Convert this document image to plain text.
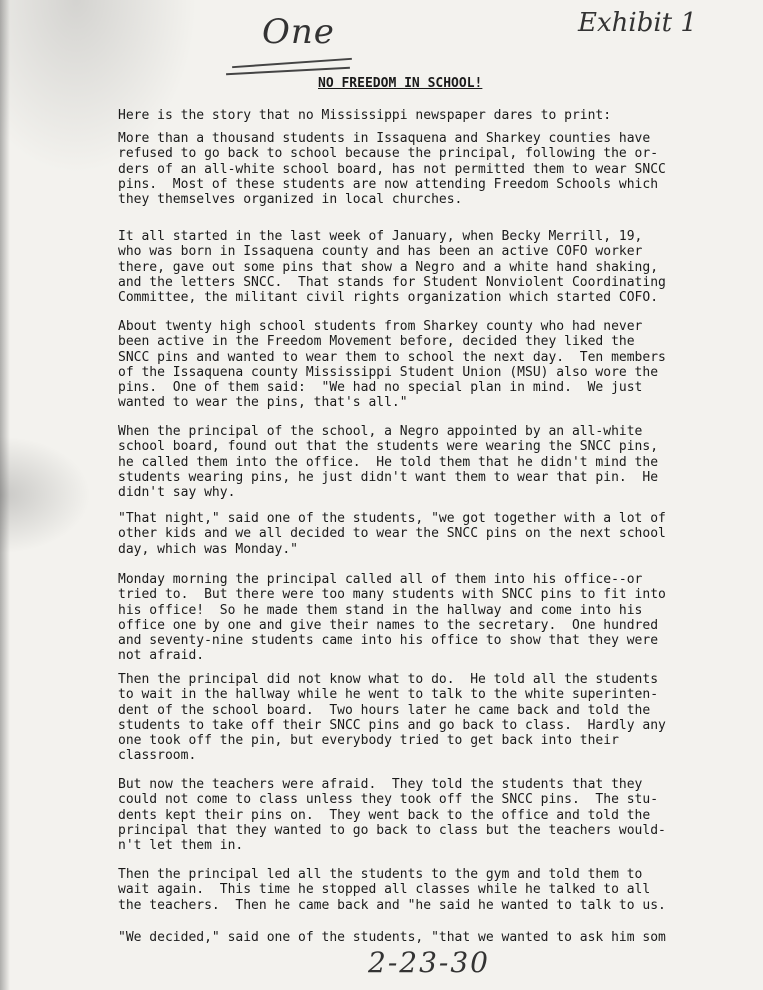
One	Exhibit 1
NO FREEDOM IN SCHOOL!

Here is the story that no Mississippi newspaper dares to print:

More than a thousand students in Issaquena and Sharkey counties have
refused to go back to school because the principal, following the or-
ders of an all-white school board, has not permitted them to wear SNCC
pins.  Most of these students are now attending Freedom Schools which
they themselves organized in local churches.

It all started in the last week of January, when Becky Merrill, 19,
who was born in Issaquena county and has been an active COFO worker
there, gave out some pins that show a Negro and a white hand shaking,
and the letters SNCC.  That stands for Student Nonviolent Coordinating
Committee, the militant civil rights organization which started COFO.

About twenty high school students from Sharkey county who had never
been active in the Freedom Movement before, decided they liked the
SNCC pins and wanted to wear them to school the next day.  Ten members
of the Issaquena county Mississippi Student Union (MSU) also wore the
pins.  One of them said:  "We had no special plan in mind.  We just
wanted to wear the pins, that's all."

When the principal of the school, a Negro appointed by an all-white
school board, found out that the students were wearing the SNCC pins,
he called them into the office.  He told them that he didn't mind the
students wearing pins, he just didn't want them to wear that pin.  He
didn't say why.

"That night," said one of the students, "we got together with a lot of
other kids and we all decided to wear the SNCC pins on the next school
day, which was Monday."

Monday morning the principal called all of them into his office--or
tried to.  But there were too many students with SNCC pins to fit into
his office!  So he made them stand in the hallway and come into his
office one by one and give their names to the secretary.  One hundred
and seventy-nine students came into his office to show that they were
not afraid.

Then the principal did not know what to do.  He told all the students
to wait in the hallway while he went to talk to the white superinten-
dent of the school board.  Two hours later he came back and told the
students to take off their SNCC pins and go back to class.  Hardly any
one took off the pin, but everybody tried to get back into their
classroom.

But now the teachers were afraid.  They told the students that they
could not come to class unless they took off the SNCC pins.  The stu-
dents kept their pins on.  They went back to the office and told the
principal that they wanted to go back to class but the teachers would-
n't let them in.

Then the principal led all the students to the gym and told them to
wait again.  This time he stopped all classes while he talked to all
the teachers.  Then he came back and "he said he wanted to talk to us.

"We decided," said one of the students, "that we wanted to ask him som

2-23-30
